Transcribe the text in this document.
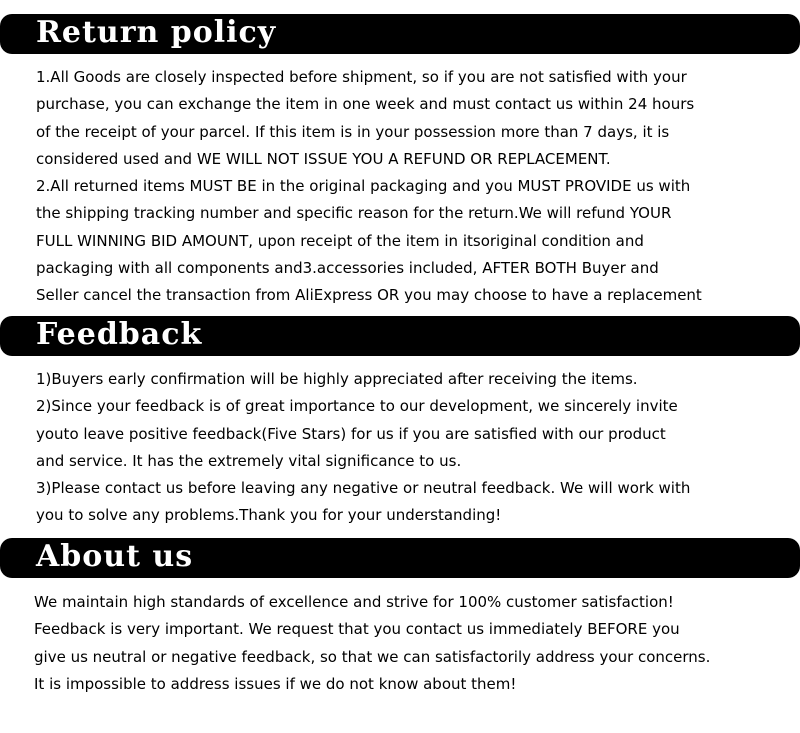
Return policy
1.All Goods are closely inspected before shipment, so if you are not satisfied with your
purchase, you can exchange the item in one week and must contact us within 24 hours
of the receipt of your parcel. If this item is in your possession more than 7 days, it is
considered used and WE WILL NOT ISSUE YOU A REFUND OR REPLACEMENT.
2.All returned items MUST BE in the original packaging and you MUST PROVIDE us with
the shipping tracking number and specific reason for the return.We will refund YOUR
FULL WINNING BID AMOUNT, upon receipt of the item in itsoriginal condition and
packaging with all components and3.accessories included, AFTER BOTH Buyer and
Seller cancel the transaction from AliExpress OR you may choose to have a replacement
Feedback
1)Buyers early confirmation will be highly appreciated after receiving the items.
2)Since your feedback is of great importance to our development, we sincerely invite
youto leave positive feedback(Five Stars) for us if you are satisfied with our product
and service. It has the extremely vital significance to us.
3)Please contact us before leaving any negative or neutral feedback. We will work with
you to solve any problems.Thank you for your understanding!
About us
We maintain high standards of excellence and strive for 100% customer satisfaction!
Feedback is very important. We request that you contact us immediately BEFORE you
give us neutral or negative feedback, so that we can satisfactorily address your concerns.
It is impossible to address issues if we do not know about them!
